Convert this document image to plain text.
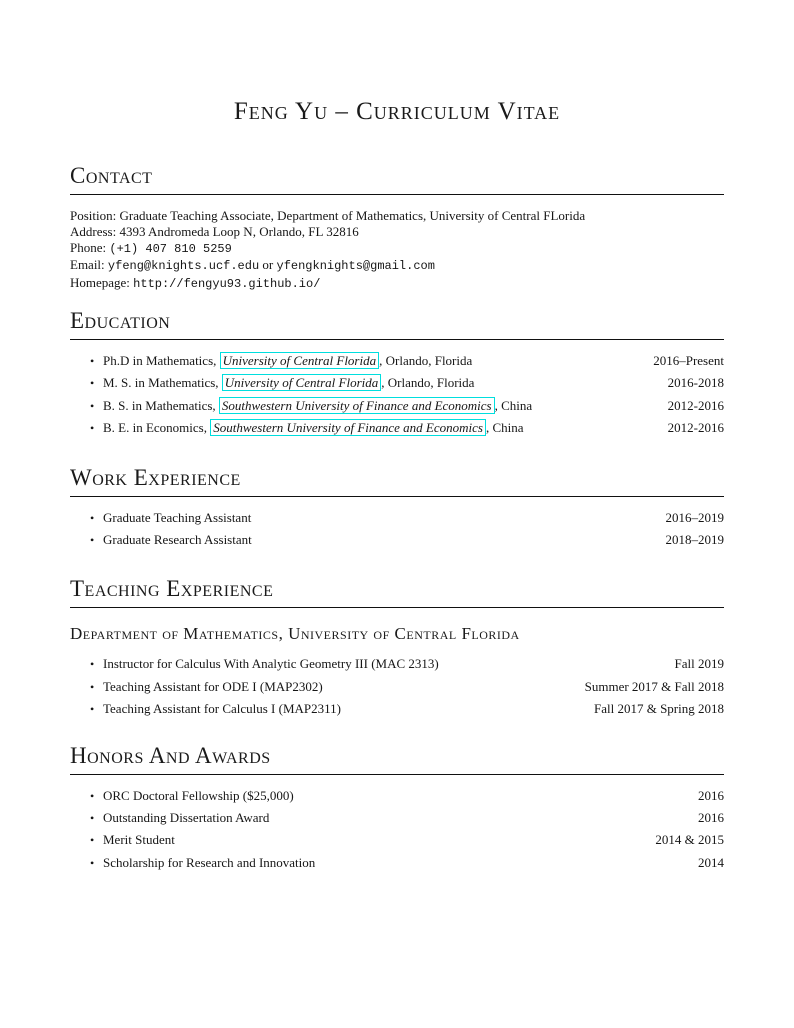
Feng Yu – Curriculum Vitae
Contact
Position: Graduate Teaching Associate, Department of Mathematics, University of Central FLorida
Address: 4393 Andromeda Loop N, Orlando, FL 32816
Phone: (+1) 407 810 5259
Email: yfeng@knights.ucf.edu or yfengknights@gmail.com
Homepage: http://fengyu93.github.io/
Education
• Ph.D in Mathematics, University of Central Florida , Orlando, Florida	2016–Present
• M. S. in Mathematics, University of Central Florida , Orlando, Florida	2016-2018
• B. S. in Mathematics, Southwestern University of Finance and Economics , China	2012-2016
• B. E. in Economics, Southwestern University of Finance and Economics , China	2012-2016
Work Experience
• Graduate Teaching Assistant	2016–2019
• Graduate Research Assistant	2018–2019
Teaching Experience
Department of Mathematics, University of Central Florida
• Instructor for Calculus With Analytic Geometry III (MAC 2313)	Fall 2019
• Teaching Assistant for ODE I (MAP2302)	Summer 2017 & Fall 2018
• Teaching Assistant for Calculus I (MAP2311)	Fall 2017 & Spring 2018
Honors And Awards
• ORC Doctoral Fellowship ($25,000)	2016
• Outstanding Dissertation Award	2016
• Merit Student	2014 & 2015
• Scholarship for Research and Innovation	2014
